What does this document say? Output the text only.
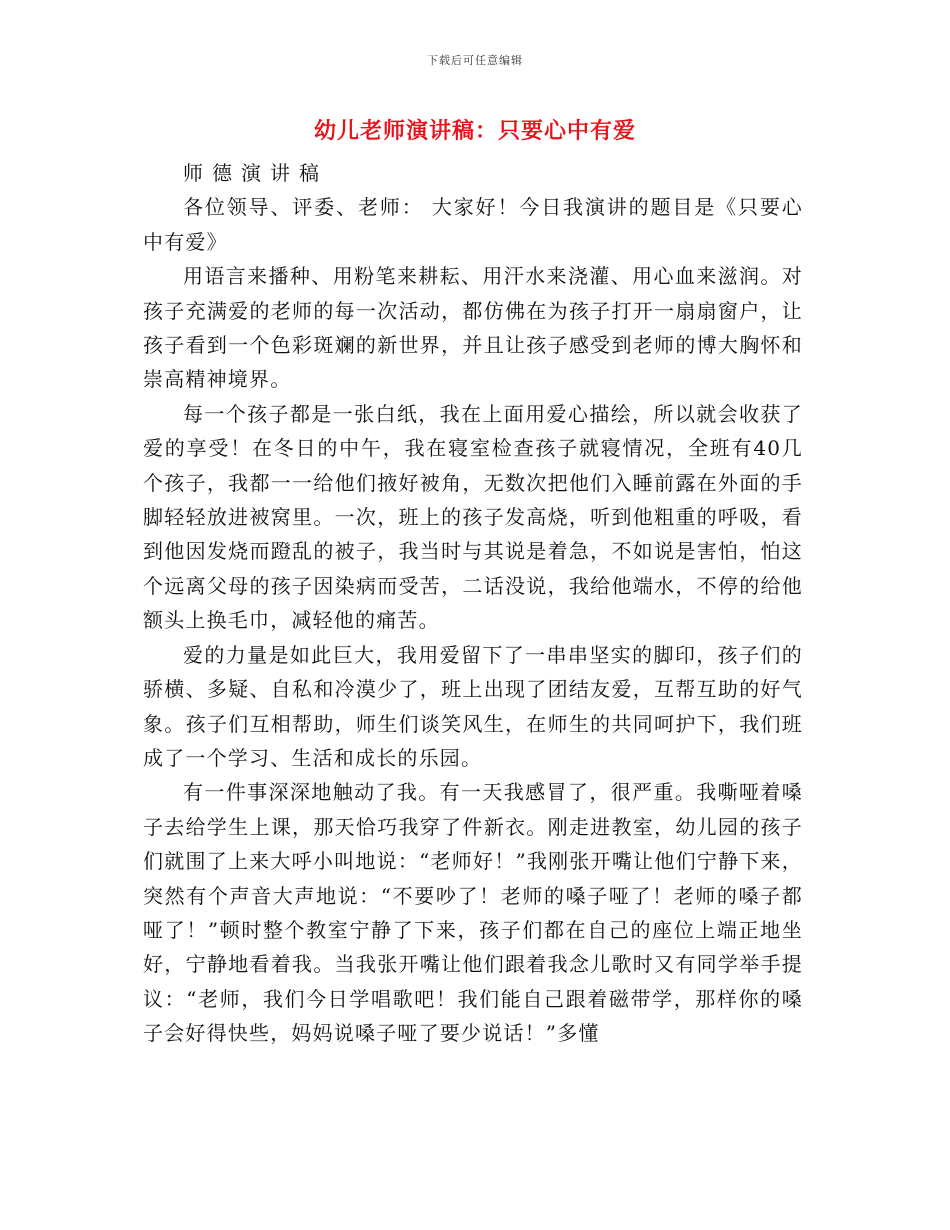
下载后可任意编辑
幼儿老师演讲稿：只要心中有爱

师德演讲稿

各位领导、评委、老师： 大家好！今日我演讲的题目是《只要心中有爱》

用语言来播种、用粉笔来耕耘、用汗水来浇灌、用心血来滋润。对孩子充满爱的老师的每一次活动，都仿佛在为孩子打开一扇扇窗户，让孩子看到一个色彩斑斓的新世界，并且让孩子感受到老师的博大胸怀和崇高精神境界。

每一个孩子都是一张白纸，我在上面用爱心描绘，所以就会收获了爱的享受！在冬日的中午，我在寝室检查孩子就寝情况，全班有40几个孩子，我都一一给他们掖好被角，无数次把他们入睡前露在外面的手脚轻轻放进被窝里。一次，班上的孩子发高烧，听到他粗重的呼吸，看到他因发烧而蹬乱的被子，我当时与其说是着急，不如说是害怕，怕这个远离父母的孩子因染病而受苦，二话没说，我给他端水，不停的给他额头上换毛巾，减轻他的痛苦。

爱的力量是如此巨大，我用爱留下了一串串坚实的脚印，孩子们的骄横、多疑、自私和冷漠少了，班上出现了团结友爱，互帮互助的好气象。孩子们互相帮助，师生们谈笑风生，在师生的共同呵护下，我们班成了一个学习、生活和成长的乐园。

有一件事深深地触动了我。有一天我感冒了，很严重。我嘶哑着嗓子去给学生上课，那天恰巧我穿了件新衣。刚走进教室，幼儿园的孩子们就围了上来大呼小叫地说：“老师好！”我刚张开嘴让他们宁静下来，突然有个声音大声地说：“不要吵了！老师的嗓子哑了！老师的嗓子都哑了！”顿时整个教室宁静了下来，孩子们都在自己的座位上端正地坐好，宁静地看着我。当我张开嘴让他们跟着我念儿歌时又有同学举手提议：“老师，我们今日学唱歌吧！我们能自己跟着磁带学，那样你的嗓子会好得快些，妈妈说嗓子哑了要少说话！”多懂
